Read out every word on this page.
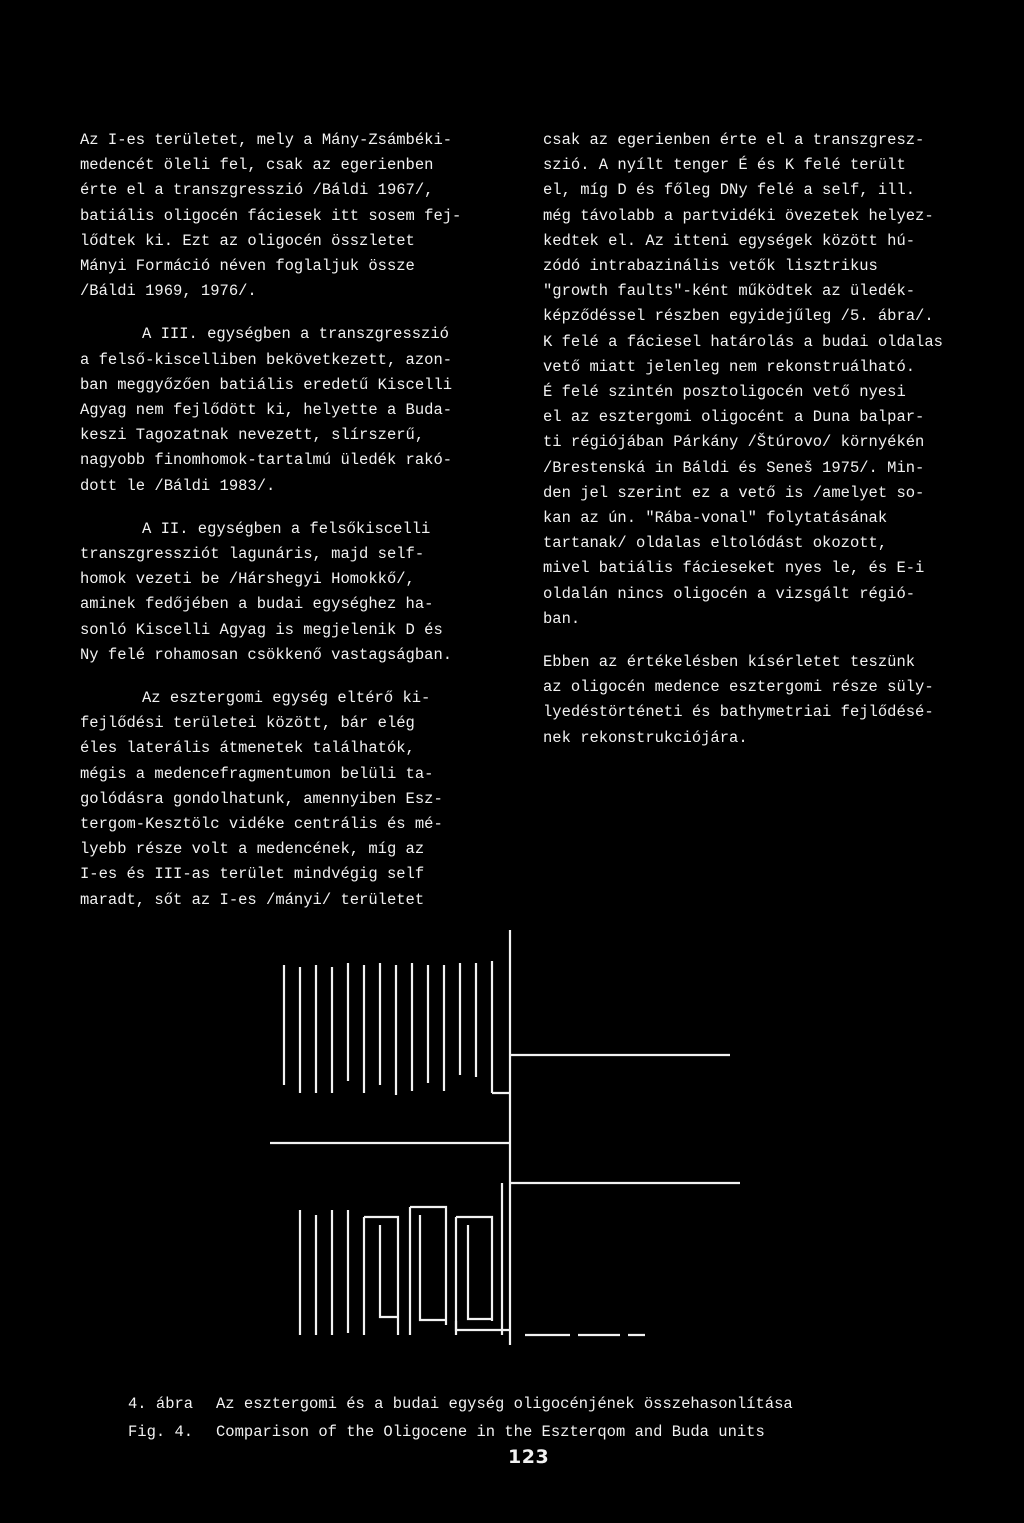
Az I-es területet, mely a Mány-Zsámbéki-
medencét öleli fel, csak az egerienben
érte el a transzgresszió /Báldi 1967/,
batiális oligocén fáciesek itt sosem fej-
lődtek ki. Ezt az oligocén összletet
Mányi Formáció néven foglaljuk össze
/Báldi 1969, 1976/.

A III. egységben a transzgresszió
a felső-kiscelliben bekövetkezett, azon-
ban meggyőzően batiális eredetű Kiscelli
Agyag nem fejlődött ki, helyette a Buda-
keszi Tagozatnak nevezett, slírszerű,
nagyobb finomhomok-tartalmú üledék rakó-
dott le /Báldi 1983/.

A II. egységben a felsőkiscelli
transzgressziót lagunáris, majd self-
homok vezeti be /Hárshegyi Homokkő/,
aminek fedőjében a budai egységhez ha-
sonló Kiscelli Agyag is megjelenik D és
Ny felé rohamosan csökkenő vastagságban.

Az esztergomi egység eltérő ki-
fejlődési területei között, bár elég
éles laterális átmenetek találhatók,
mégis a medencefragmentumon belüli ta-
golódásra gondolhatunk, amennyiben Esz-
tergom-Kesztölc vidéke centrális és mé-
lyebb része volt a medencének, míg az
I-es és III-as terület mindvégig self
maradt, sőt az I-es /mányi/ területet

csak az egerienben érte el a transzgresz-
szió. A nyílt tenger É és K felé terült
el, míg D és főleg DNy felé a self, ill.
még távolabb a partvidéki övezetek helyez-
kedtek el. Az itteni egységek között hú-
zódó intrabazinális vetők lisztrikus
"growth faults"-ként működtek az üledék-
képződéssel részben egyidejűleg /5. ábra/.
K felé a fáciesel határolás a budai oldalas
vető miatt jelenleg nem rekonstruálható.
É felé szintén posztoligocén vető nyesi
el az esztergomi oligocént a Duna balpar-
ti régiójában Párkány /Štúrovo/ környékén
/Brestenská in Báldi és Seneš 1975/. Min-
den jel szerint ez a vető is /amelyet so-
kan az ún. "Rába-vonal" folytatásának
tartanak/ oldalas eltolódást okozott,
mivel batiális fácieseket nyes le, és E-i
oldalán nincs oligocén a vizsgált régió-
ban.

Ebben az értékelésben kísérletet teszünk
az oligocén medence esztergomi része süly-
lyedéstörténeti és bathymetriai fejlődésé-
nek rekonstrukciójára.

4. ábra Az esztergomi és a budai egység oligocénjének összehasonlítása
Fig. 4. Comparison of the Oligocene in the Eszterqom and Buda units
123
